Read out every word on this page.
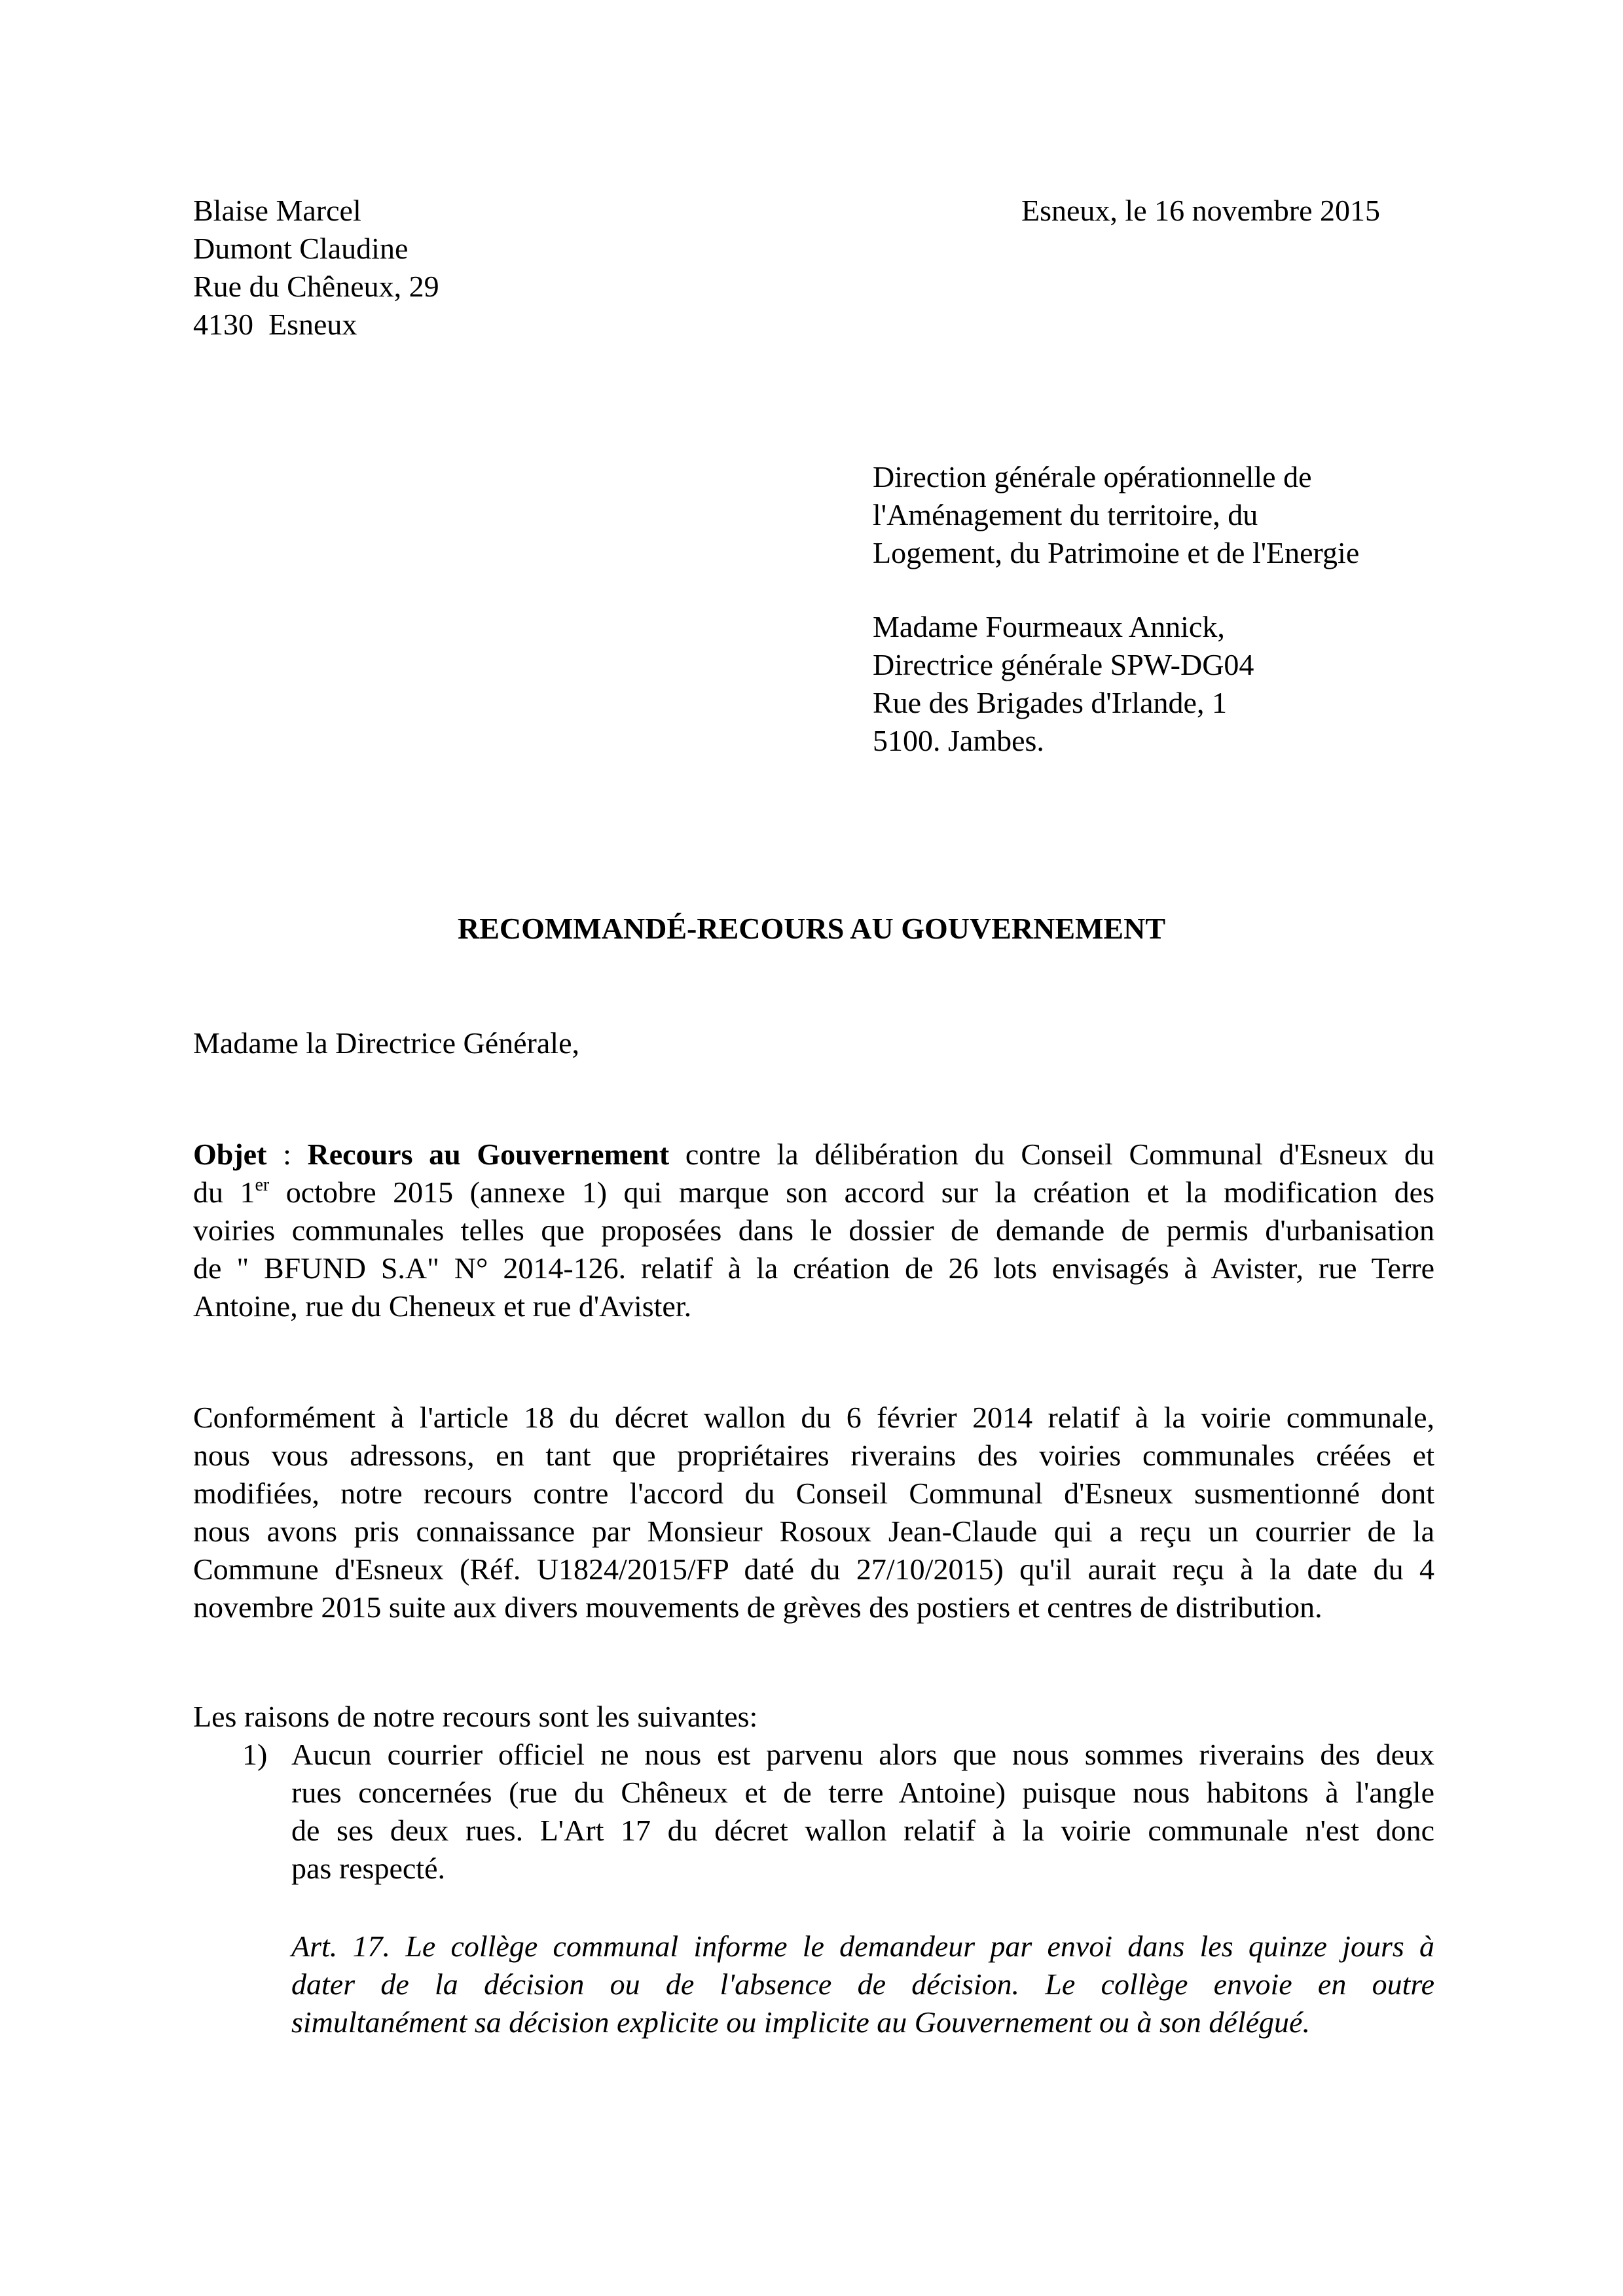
Blaise Marcel
Dumont Claudine
Rue du Chêneux, 29
4130  Esneux
Esneux, le 16 novembre 2015
Direction générale opérationnelle de
l'Aménagement du territoire, du
Logement, du Patrimoine et de l'Energie
Madame Fourmeaux Annick,
Directrice générale SPW-DG04
Rue des Brigades d'Irlande, 1
5100. Jambes.
RECOMMANDÉ-RECOURS AU GOUVERNEMENT
Madame la Directrice Générale,
Objet : Recours au Gouvernement contre la délibération du Conseil Communal d'Esneux du
du 1er octobre 2015 (annexe 1) qui marque son accord sur la création et la modification des
voiries communales telles que proposées dans le dossier de demande de permis d'urbanisation
de " BFUND S.A" N° 2014-126. relatif à la création de 26 lots envisagés à Avister, rue Terre
Antoine, rue du Cheneux et rue d'Avister.
Conformément à l'article 18 du décret wallon du 6 février 2014 relatif à la voirie communale,
nous vous adressons, en tant que propriétaires riverains des voiries communales créées et
modifiées, notre recours contre l'accord du Conseil Communal d'Esneux susmentionné dont
nous avons pris connaissance par Monsieur Rosoux Jean-Claude qui a reçu un courrier de la
Commune d'Esneux (Réf. U1824/2015/FP daté du 27/10/2015) qu'il aurait reçu à la date du 4
novembre 2015 suite aux divers mouvements de grèves des postiers et centres de distribution.
Les raisons de notre recours sont les suivantes:
1) Aucun courrier officiel ne nous est parvenu alors que nous sommes riverains des deux
rues concernées (rue du Chêneux et de terre Antoine) puisque nous habitons à l'angle
de ses deux rues. L'Art 17 du décret wallon relatif à la voirie communale n'est donc
pas respecté.
Art. 17. Le collège communal informe le demandeur par envoi dans les quinze jours à
dater de la décision ou de l'absence de décision. Le collège envoie en outre
simultanément sa décision explicite ou implicite au Gouvernement ou à son délégué.
